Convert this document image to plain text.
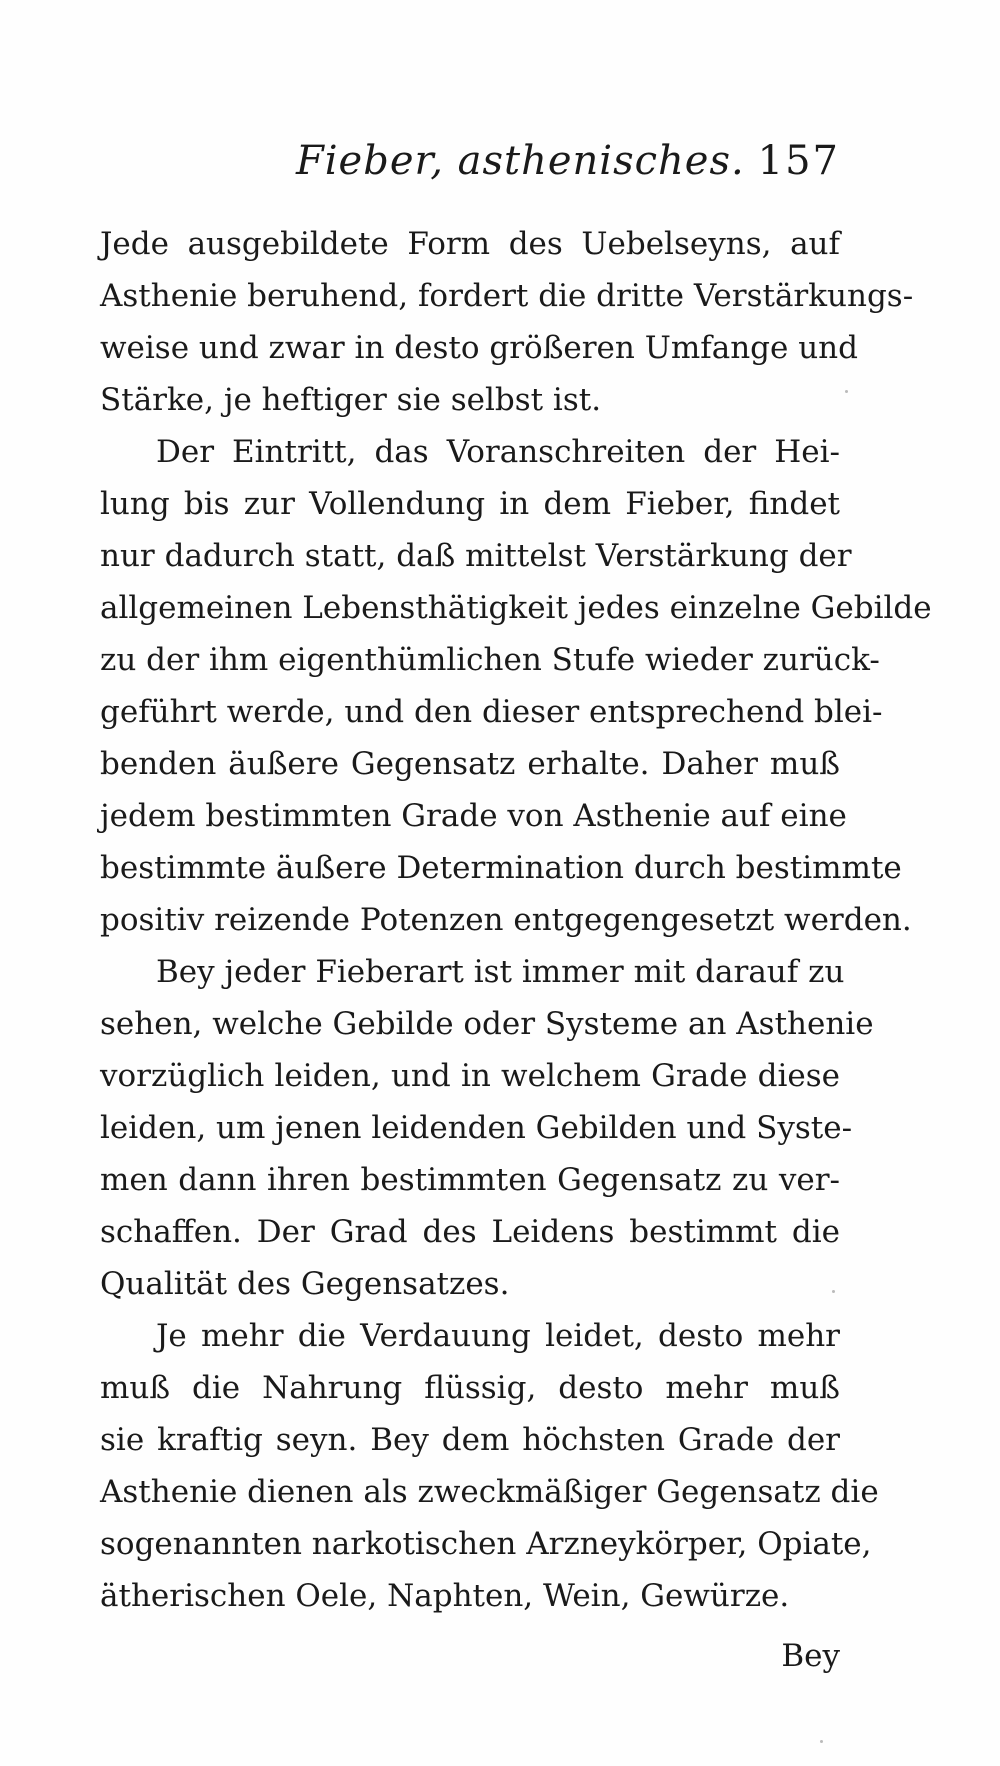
Fieber, asthenisches. 157
Jede ausgebildete Form des Uebelseyns, auf
Asthenie beruhend, fordert die dritte Verstärkungs-
weise und zwar in desto größeren Umfange und
Stärke, je heftiger sie selbst ist.
Der Eintritt, das Voranschreiten der Hei-
lung bis zur Vollendung in dem Fieber, findet
nur dadurch statt, daß mittelst Verstärkung der
allgemeinen Lebensthätigkeit jedes einzelne Gebilde
zu der ihm eigenthümlichen Stufe wieder zurück-
geführt werde, und den dieser entsprechend blei-
benden äußere Gegensatz erhalte. Daher muß
jedem bestimmten Grade von Asthenie auf eine
bestimmte äußere Determination durch bestimmte
positiv reizende Potenzen entgegengesetzt werden.
Bey jeder Fieberart ist immer mit darauf zu
sehen, welche Gebilde oder Systeme an Asthenie
vorzüglich leiden, und in welchem Grade diese
leiden, um jenen leidenden Gebilden und Syste-
men dann ihren bestimmten Gegensatz zu ver-
schaffen. Der Grad des Leidens bestimmt die
Qualität des Gegensatzes.
Je mehr die Verdauung leidet, desto mehr
muß die Nahrung flüssig, desto mehr muß
sie kraftig seyn. Bey dem höchsten Grade der
Asthenie dienen als zweckmäßiger Gegensatz die
sogenannten narkotischen Arzneykörper, Opiate,
ätherischen Oele, Naphten, Wein, Gewürze.
Bey
